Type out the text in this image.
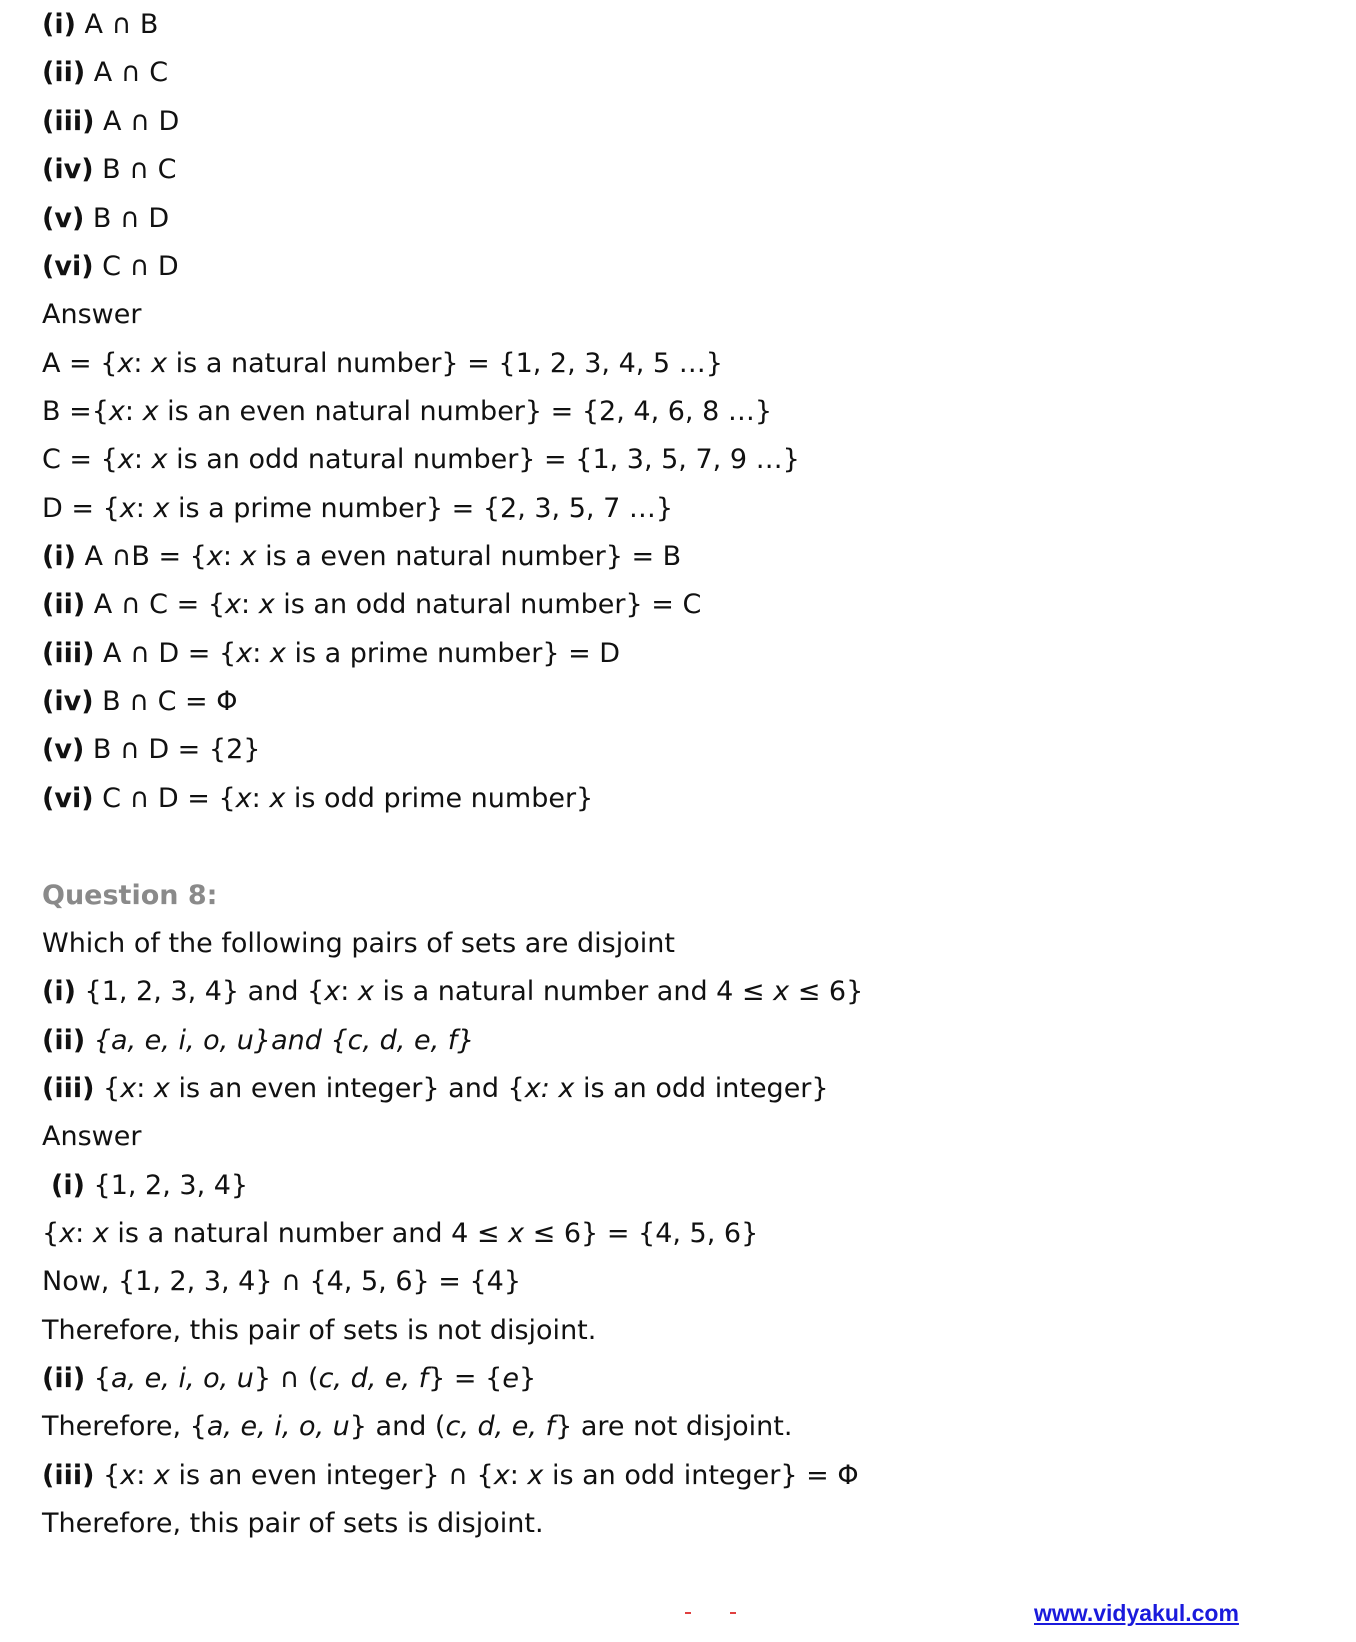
(i) A ∩ B
(ii) A ∩ C
(iii) A ∩ D
(iv) B ∩ C
(v) B ∩ D
(vi) C ∩ D
Answer
A = {x: x is a natural number} = {1, 2, 3, 4, 5 …}
B ={x: x is an even natural number} = {2, 4, 6, 8 …}
C = {x: x is an odd natural number} = {1, 3, 5, 7, 9 …}
D = {x: x is a prime number} = {2, 3, 5, 7 …}
(i) A ∩B = {x: x is a even natural number} = B
(ii) A ∩ C = {x: x is an odd natural number} = C
(iii) A ∩ D = {x: x is a prime number} = D
(iv) B ∩ C = Φ
(v) B ∩ D = {2}
(vi) C ∩ D = {x: x is odd prime number}
Question 8:
Which of the following pairs of sets are disjoint
(i) {1, 2, 3, 4} and {x: x is a natural number and 4 ≤ x ≤ 6}
(ii) {a, e, i, o, u}and {c, d, e, f}
(iii) {x: x is an even integer} and {x: x is an odd integer}
Answer
(i) {1, 2, 3, 4}
{x: x is a natural number and 4 ≤ x ≤ 6} = {4, 5, 6}
Now, {1, 2, 3, 4} ∩ {4, 5, 6} = {4}
Therefore, this pair of sets is not disjoint.
(ii) {a, e, i, o, u} ∩ (c, d, e, f} = {e}
Therefore, {a, e, i, o, u} and (c, d, e, f} are not disjoint.
(iii) {x: x is an even integer} ∩ {x: x is an odd integer} = Φ
Therefore, this pair of sets is disjoint.
www.vidyakul.com
